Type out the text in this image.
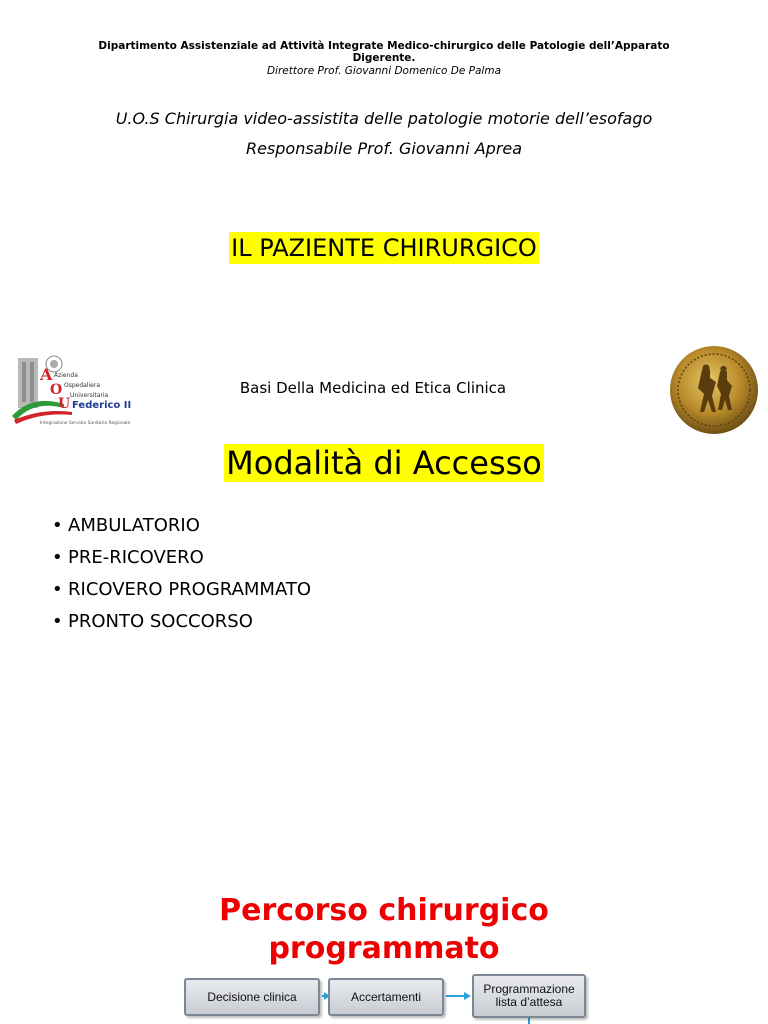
Dipartimento Assistenziale ad Attività Integrate Medico-chirurgico delle Patologie dell’Apparato Digerente.
Direttore Prof. Giovanni Domenico De Palma
U.O.S Chirurgia video-assistita delle patologie motorie dell’esofago
Responsabile Prof. Giovanni Aprea
IL PAZIENTE CHIRURGICO
A
O
U
Azienda
Ospedaliera
Universitaria
Federico II
Integrazione Servizio Sanitario Regionale
Basi Della Medicina ed Etica Clinica
Modalità di Accesso
• AMBULATORIO
• PRE-RICOVERO
• RICOVERO PROGRAMMATO
• PRONTO SOCCORSO
Percorso chirurgico
programmato
Decisione clinica	Accertamenti
Programmazione
lista d’attesa
